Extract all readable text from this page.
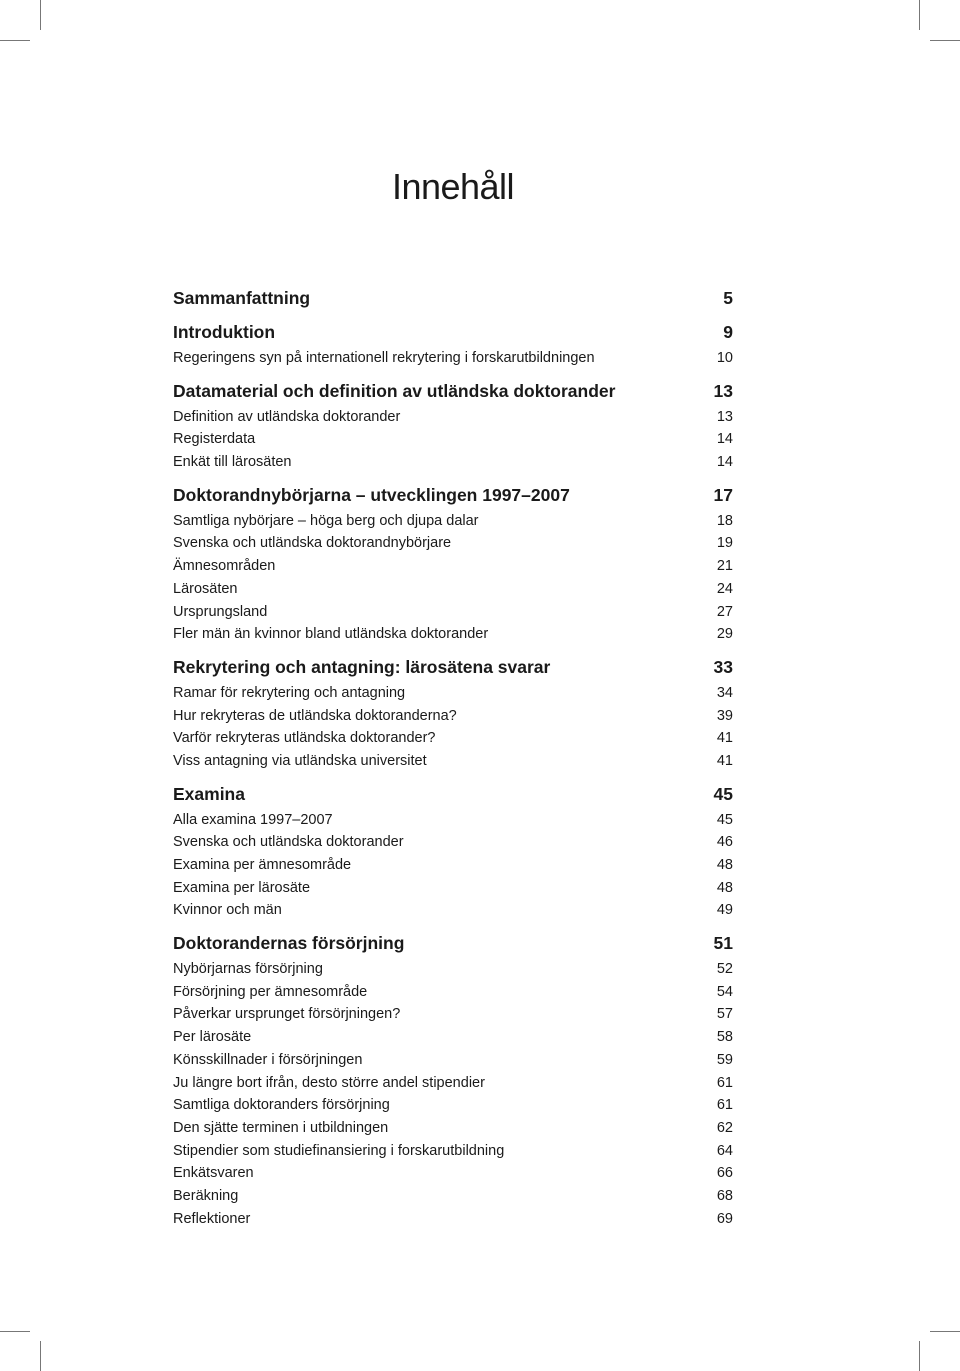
Innehåll
Sammanfattning	5
Introduktion	9
Regeringens syn på internationell rekrytering i forskarutbildningen	10
Datamaterial och definition av utländska doktorander	13
Definition av utländska doktorander	13
Registerdata	14
Enkät till lärosäten	14
Doktorandnybörjarna – utvecklingen 1997–2007	17
Samtliga nybörjare – höga berg och djupa dalar	18
Svenska och utländska doktorandnybörjare	19
Ämnesområden	21
Lärosäten	24
Ursprungsland	27
Fler män än kvinnor bland utländska doktorander	29
Rekrytering och antagning: lärosätena svarar	33
Ramar för rekrytering och antagning	34
Hur rekryteras de utländska doktoranderna?	39
Varför rekryteras utländska doktorander?	41
Viss antagning via utländska universitet	41
Examina	45
Alla examina 1997–2007	45
Svenska och utländska doktorander	46
Examina per ämnesområde	48
Examina per lärosäte	48
Kvinnor och män	49
Doktorandernas försörjning	51
Nybörjarnas försörjning	52
Försörjning per ämnesområde	54
Påverkar ursprunget försörjningen?	57
Per lärosäte	58
Könsskillnader i försörjningen	59
Ju längre bort ifrån, desto större andel stipendier	61
Samtliga doktoranders försörjning	61
Den sjätte terminen i utbildningen	62
Stipendier som studiefinansiering i forskarutbildning	64
Enkätsvaren	66
Beräkning	68
Reflektioner	69
